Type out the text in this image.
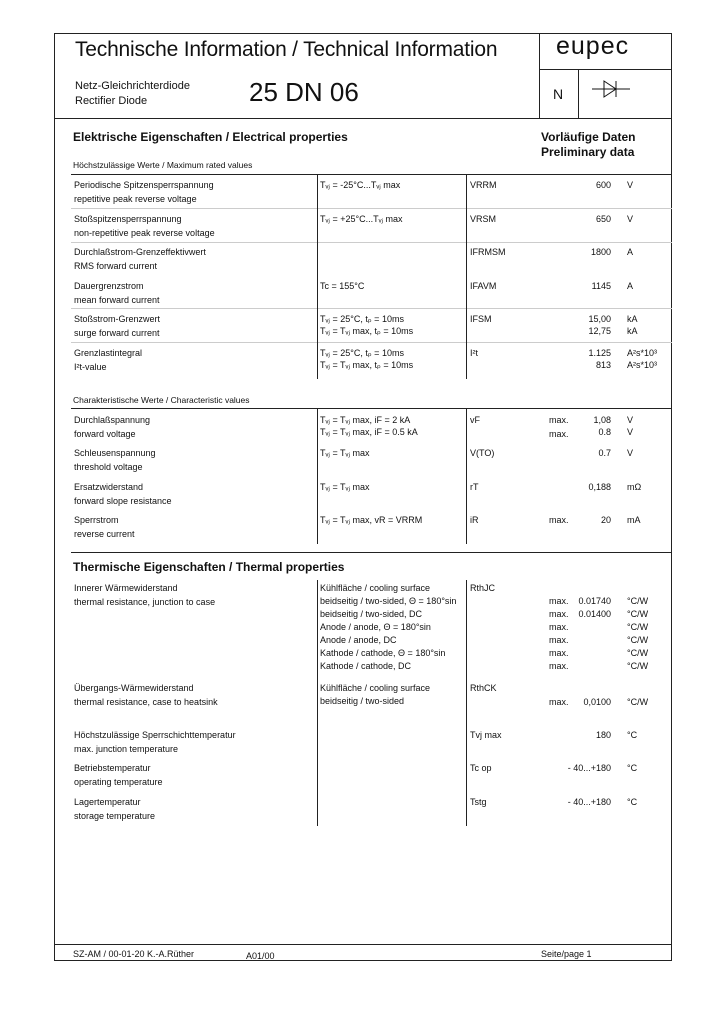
Technische Information / Technical Information eupec
Netz-Gleichrichterdiode
Rectifier Diode	25 DN 06	N
Elektrische Eigenschaften / Electrical properties	Vorläufige Daten
Preliminary data
Höchstzulässige Werte / Maximum rated values
Periodische Spitzensperrspannung
repetitive peak reverse voltage
Tᵥⱼ = -25°C...Tᵥⱼ max	VRRM	600 V
Stoßspitzensperrspannung
non-repetitive peak reverse voltage
Tᵥⱼ = +25°C...Tᵥⱼ max	VRSM	650 V
Durchlaßstrom-Grenzeffektivwert
RMS forward current
IFRMSM	1800 A
Dauergrenzstrom
mean forward current
Tc = 155°C	IFAVM	1145 A
Stoßstrom-Grenzwert
surge forward current
Tᵥⱼ = 25°C, tₚ = 10ms
Tᵥⱼ = Tᵥⱼ max, tₚ = 10ms
IFSM	15,00 kA
12,75 kA
Grenzlastintegral
I²t-value
Tᵥⱼ = 25°C, tₚ = 10ms
Tᵥⱼ = Tᵥⱼ max, tₚ = 10ms
I²t	1.125 A²s*10³
813 A²s*10³
Charakteristische Werte / Characteristic values
Durchlaßspannung
forward voltage
Tᵥⱼ = Tᵥⱼ max, iF = 2 kA
Tᵥⱼ = Tᵥⱼ max, iF = 0.5 kA
vF	max.	1,08 V
max.	0.8 V
Schleusenspannung
threshold voltage
Tᵥⱼ = Tᵥⱼ max	V(TO)	0.7 V
Ersatzwiderstand
forward slope resistance
Tᵥⱼ = Tᵥⱼ max	rT	0,188 mΩ
Sperrstrom
reverse current
Tᵥⱼ = Tᵥⱼ max, vR = VRRM	iR	max.	20 mA
Thermische Eigenschaften / Thermal properties
Innerer Wärmewiderstand
thermal resistance, junction to case
RthJC
Kühlfläche / cooling surface
beidseitig / two-sided, Θ = 180°sin	max.	0.01740 °C/W
beidseitig / two-sided, DC	max.	0.01400 °C/W
Anode / anode, Θ = 180°sin	max.	°C/W
Anode / anode, DC	max.	°C/W
Kathode / cathode, Θ = 180°sin	max.	°C/W
Kathode / cathode, DC	max.	°C/W
Übergangs-Wärmewiderstand
thermal resistance, case to heatsink
RthCK
Kühlfläche / cooling surface
beidseitig / two-sided	max.	0,0100 °C/W
Höchstzulässige Sperrschichttemperatur
max. junction temperature
Tvj max	180 °C
Betriebstemperatur
operating temperature
Tc op	- 40...+180 °C
Lagertemperatur
storage temperature
Tstg	- 40...+180 °C
SZ-AM / 00-01-20 K.-A.Rüther	A01/00	Seite/page 1
